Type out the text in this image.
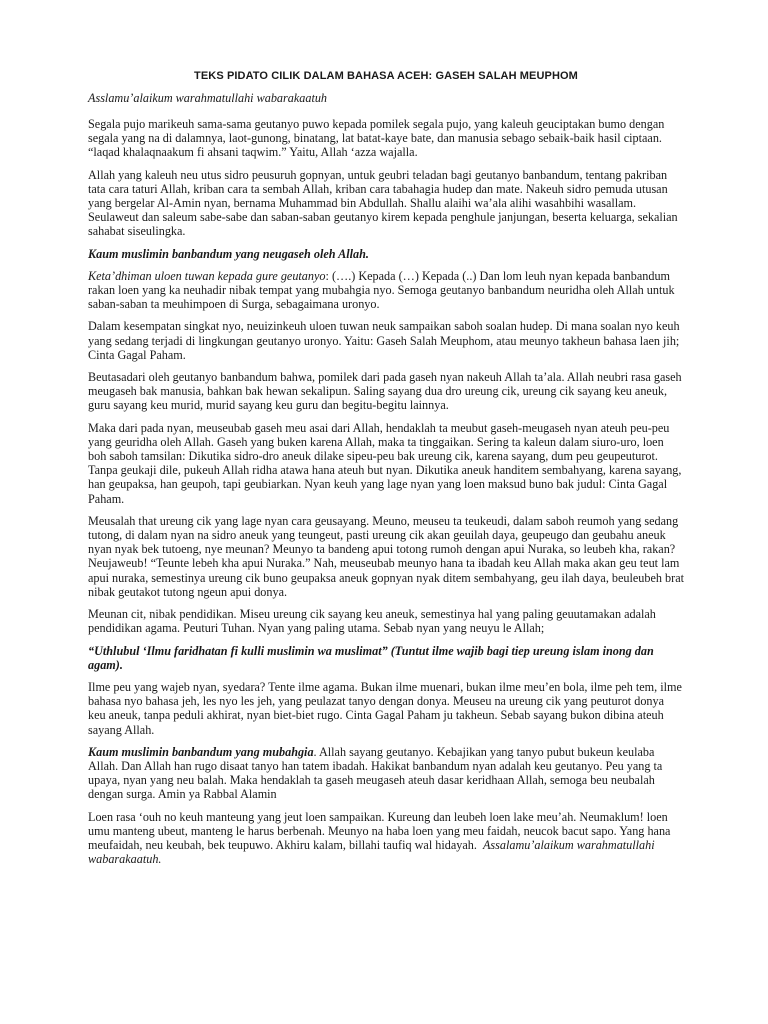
TEKS PIDATO CILIK DALAM BAHASA ACEH: GASEH SALAH MEUPHOM
Asslamu’alaikum warahmatullahi wabarakaatuh

Segala pujo marikeuh sama-sama geutanyo puwo kepada pomilek segala pujo, yang kaleuh geuciptakan bumo dengan segala yang na di dalamnya, laot-gunong, binatang, lat batat-kaye bate, dan manusia sebago sebaik-baik hasil ciptaan. “laqad khalaqnaakum fi ahsani taqwim.” Yaitu, Allah ‘azza wajalla.

Allah yang kaleuh neu utus sidro peusuruh gopnyan, untuk geubri teladan bagi geutanyo banbandum, tentang pakriban tata cara taturi Allah, kriban cara ta sembah Allah, kriban cara tabahagia hudep dan mate. Nakeuh sidro pemuda utusan yang bergelar Al-Amin nyan, bernama Muhammad bin Abdullah. Shallu alaihi wa’ala alihi wasahbihi wasallam. Seulaweut dan saleum sabe-sabe dan saban-saban geutanyo kirem kepada penghule janjungan, beserta keluarga, sekalian sahabat siseulingka.

Kaum muslimin banbandum yang neugaseh oleh Allah.

Keta’dhiman uloen tuwan kepada gure geutanyo: (….) Kepada (…) Kepada (..) Dan lom leuh nyan kepada banbandum rakan loen yang ka neuhadir nibak tempat yang mubahgia nyo. Semoga geutanyo banbandum neuridha oleh Allah untuk saban-saban ta meuhimpoen di Surga, sebagaimana uronyo.

Dalam kesempatan singkat nyo, neuizinkeuh uloen tuwan neuk sampaikan saboh soalan hudep. Di mana soalan nyo keuh yang sedang terjadi di lingkungan geutanyo uronyo. Yaitu: Gaseh Salah Meuphom, atau meunyo takheun bahasa laen jih; Cinta Gagal Paham.

Beutasadari oleh geutanyo banbandum bahwa, pomilek dari pada gaseh nyan nakeuh Allah ta’ala. Allah neubri rasa gaseh meugaseh bak manusia, bahkan bak hewan sekalipun. Saling sayang dua dro ureung cik, ureung cik sayang keu aneuk, guru sayang keu murid, murid sayang keu guru dan begitu-begitu lainnya.

Maka dari pada nyan, meuseubab gaseh meu asai dari Allah, hendaklah ta meubut gaseh-meugaseh nyan ateuh peu-peu yang geuridha oleh Allah. Gaseh yang buken karena Allah, maka ta tinggaikan. Sering ta kaleun dalam siuro-uro, loen boh saboh tamsilan: Dikutika sidro-dro aneuk dilake sipeu-peu bak ureung cik, karena sayang, dum peu geupeuturot. Tanpa geukaji dile, pukeuh Allah ridha atawa hana ateuh but nyan. Dikutika aneuk handitem sembahyang, karena sayang, han geupaksa, han geupoh, tapi geubiarkan. Nyan keuh yang lage nyan yang loen maksud buno bak judul: Cinta Gagal Paham.

Meusalah that ureung cik yang lage nyan cara geusayang. Meuno, meuseu ta teukeudi, dalam saboh reumoh yang sedang tutong, di dalam nyan na sidro aneuk yang teungeut, pasti ureung cik akan geuilah daya, geupeugo dan geubahu aneuk nyan nyak bek tutoeng, nye meunan? Meunyo ta bandeng apui totong rumoh dengan apui Nuraka, so leubeh kha, rakan? Neujaweub! “Teunte lebeh kha apui Nuraka.” Nah, meuseubab meunyo hana ta ibadah keu Allah maka akan geu teut lam apui nuraka, semestinya ureung cik buno geupaksa aneuk gopnyan nyak ditem sembahyang, geu ilah daya, beuleubeh brat nibak geutakot tutong ngeun apui donya.

Meunan cit, nibak pendidikan. Miseu ureung cik sayang keu aneuk, semestinya hal yang paling geuutamakan adalah pendidikan agama. Peuturi Tuhan. Nyan yang paling utama. Sebab nyan yang neuyu le Allah;

“Uthlubul ‘Ilmu faridhatan fi kulli muslimin wa muslimat” (Tuntut ilme wajib bagi tiep ureung islam inong dan agam).

Ilme peu yang wajeb nyan, syedara? Tente ilme agama. Bukan ilme muenari, bukan ilme meu’en bola, ilme peh tem, ilme bahasa nyo bahasa jeh, les nyo les jeh, yang peulazat tanyo dengan donya. Meuseu na ureung cik yang peuturot donya keu aneuk, tanpa peduli akhirat, nyan biet-biet rugo. Cinta Gagal Paham ju takheun. Sebab sayang bukon dibina ateuh sayang Allah.

Kaum muslimin banbandum yang mubahgia. Allah sayang geutanyo. Kebajikan yang tanyo pubut bukeun keulaba Allah. Dan Allah han rugo disaat tanyo han tatem ibadah. Hakikat banbandum nyan adalah keu geutanyo. Peu yang ta upaya, nyan yang neu balah. Maka hendaklah ta gaseh meugaseh ateuh dasar keridhaan Allah, semoga beu neubalah dengan surga. Amin ya Rabbal Alamin

Loen rasa ‘ouh no keuh manteung yang jeut loen sampaikan. Kureung dan leubeh loen lake meu’ah. Neumaklum! loen umu manteng ubeut, manteng le harus berbenah. Meunyo na haba loen yang meu faidah, neucok bacut sapo. Yang hana meufaidah, neu keubah, bek teupuwo. Akhiru kalam, billahi taufiq wal hidayah. Assalamu’alaikum warahmatullahi wabarakaatuh.
